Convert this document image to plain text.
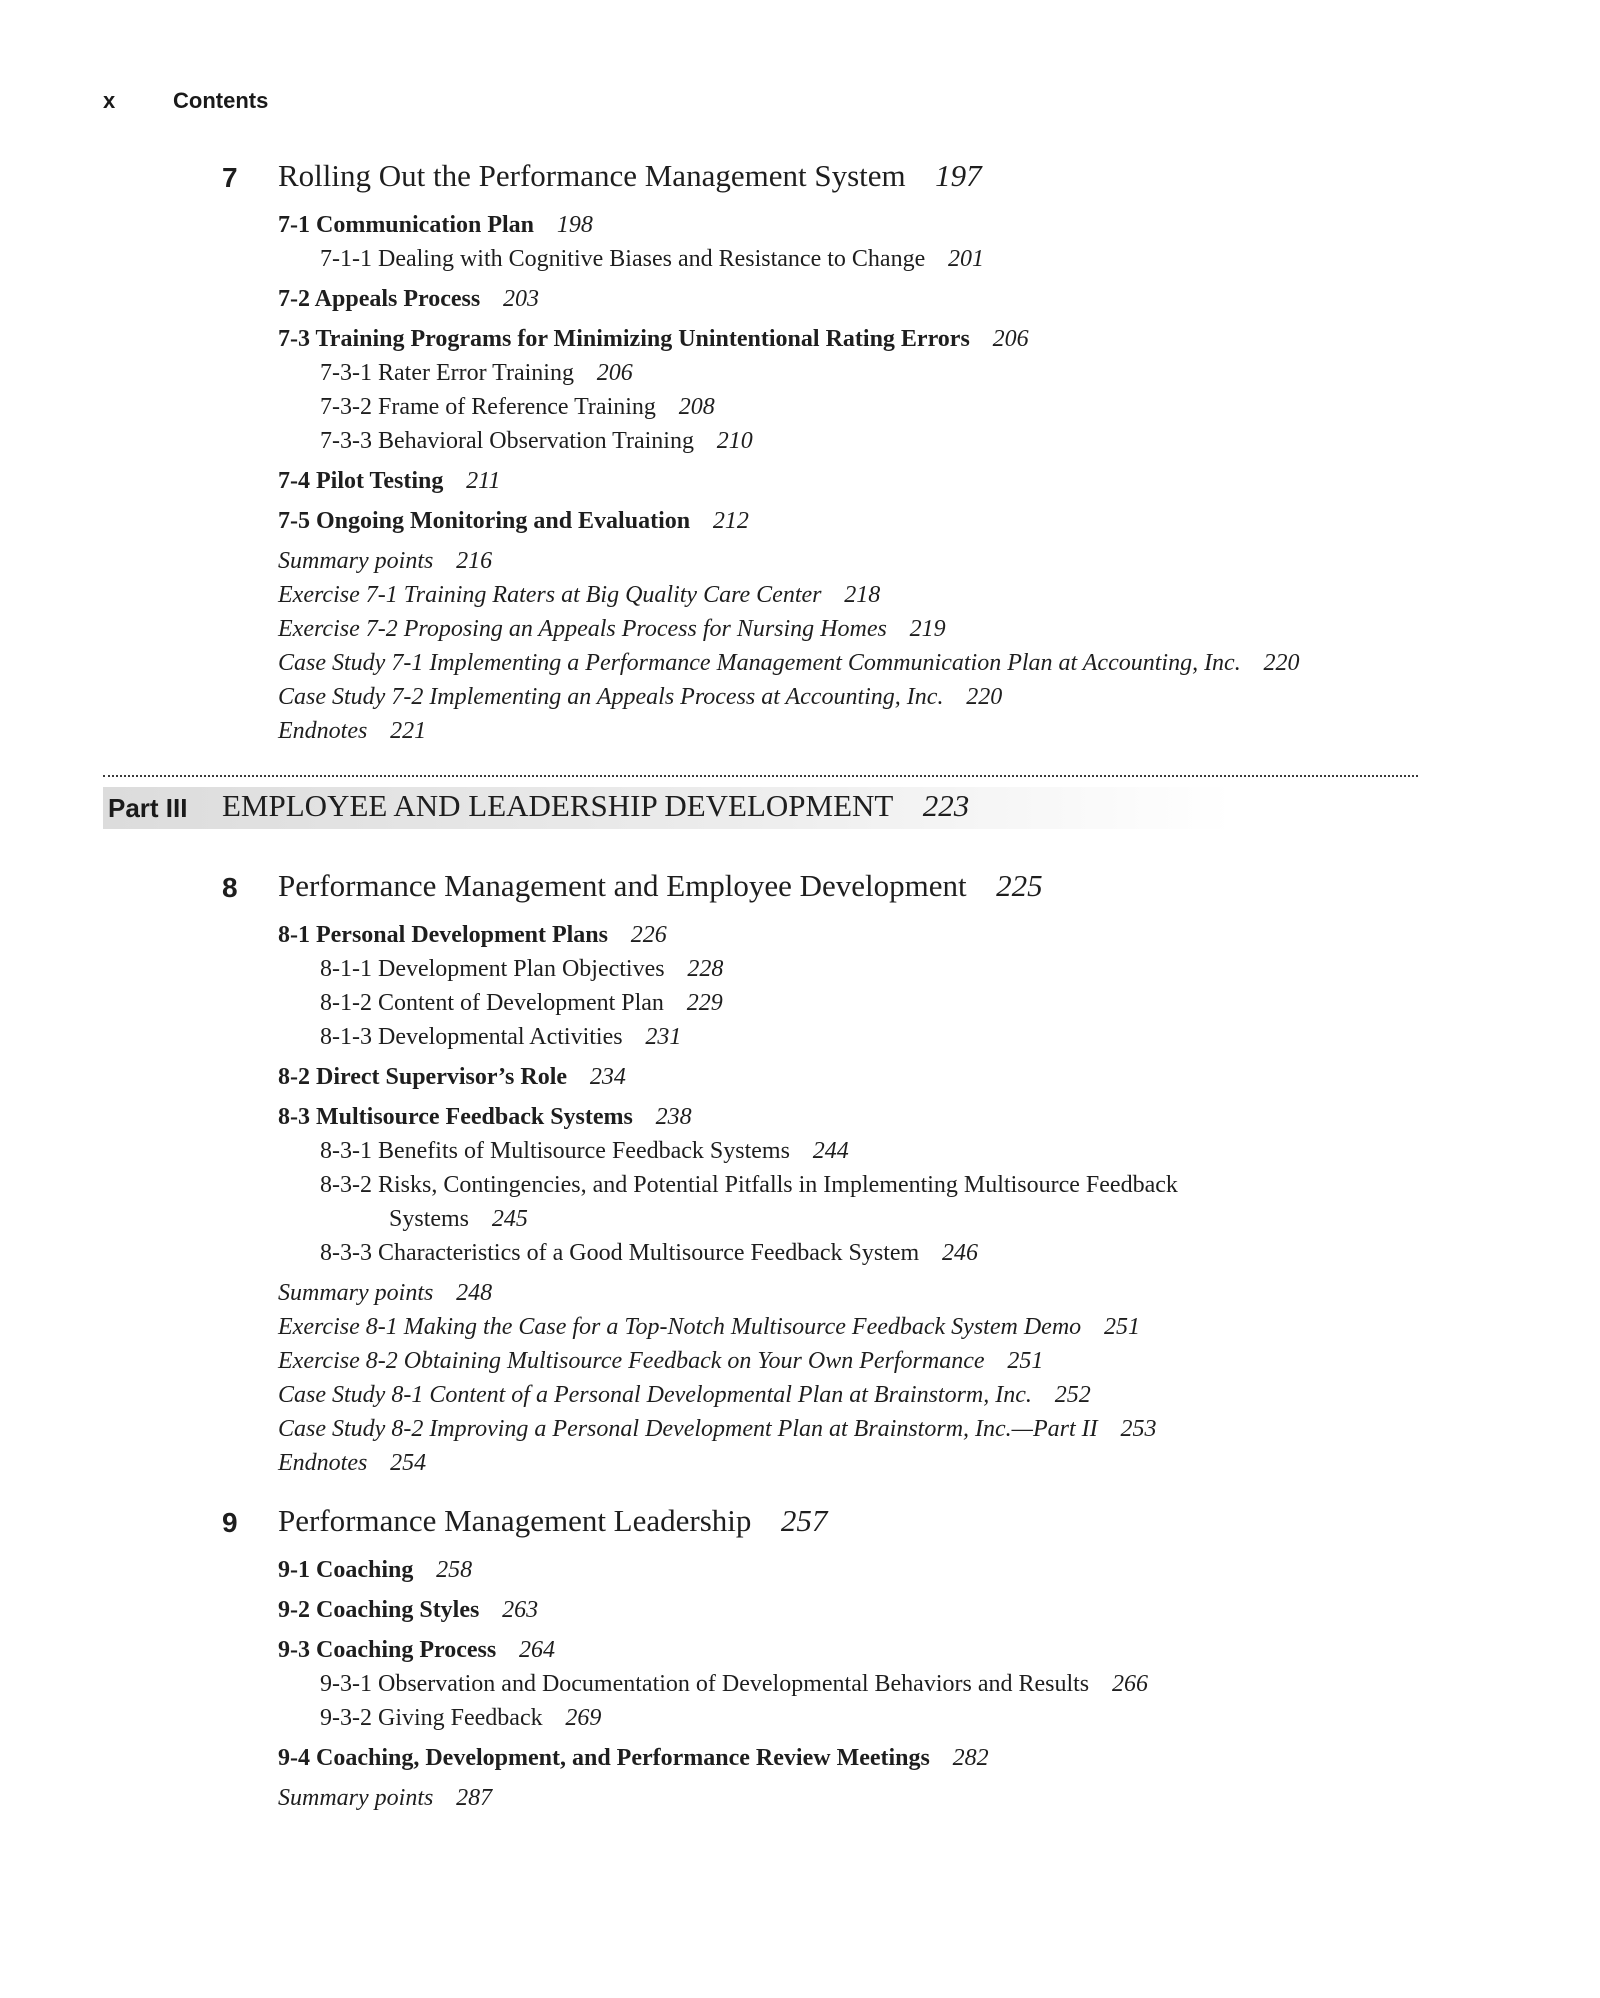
x	Contents
7 Rolling Out the Performance Management System 197
7-1 Communication Plan 198
7-1-1 Dealing with Cognitive Biases and Resistance to Change 201
7-2 Appeals Process 203
7-3 Training Programs for Minimizing Unintentional Rating Errors 206
7-3-1 Rater Error Training 206
7-3-2 Frame of Reference Training 208
7-3-3 Behavioral Observation Training 210
7-4 Pilot Testing 211
7-5 Ongoing Monitoring and Evaluation 212
Summary points 216
Exercise 7-1 Training Raters at Big Quality Care Center 218
Exercise 7-2 Proposing an Appeals Process for Nursing Homes 219
Case Study 7-1 Implementing a Performance Management Communication Plan at Accounting, Inc. 220
Case Study 7-2 Implementing an Appeals Process at Accounting, Inc. 220
Endnotes 221
Part III EMPLOYEE AND LEADERSHIP DEVELOPMENT 223
8 Performance Management and Employee Development 225
8-1 Personal Development Plans 226
8-1-1 Development Plan Objectives 228
8-1-2 Content of Development Plan 229
8-1-3 Developmental Activities 231
8-2 Direct Supervisor’s Role 234
8-3 Multisource Feedback Systems 238
8-3-1 Benefits of Multisource Feedback Systems 244
8-3-2 Risks, Contingencies, and Potential Pitfalls in Implementing Multisource Feedback
Systems 245
8-3-3 Characteristics of a Good Multisource Feedback System 246
Summary points 248
Exercise 8-1 Making the Case for a Top-Notch Multisource Feedback System Demo 251
Exercise 8-2 Obtaining Multisource Feedback on Your Own Performance 251
Case Study 8-1 Content of a Personal Developmental Plan at Brainstorm, Inc. 252
Case Study 8-2 Improving a Personal Development Plan at Brainstorm, Inc.—Part II 253
Endnotes 254
9 Performance Management Leadership 257
9-1 Coaching 258
9-2 Coaching Styles 263
9-3 Coaching Process 264
9-3-1 Observation and Documentation of Developmental Behaviors and Results 266
9-3-2 Giving Feedback 269
9-4 Coaching, Development, and Performance Review Meetings 282
Summary points 287
